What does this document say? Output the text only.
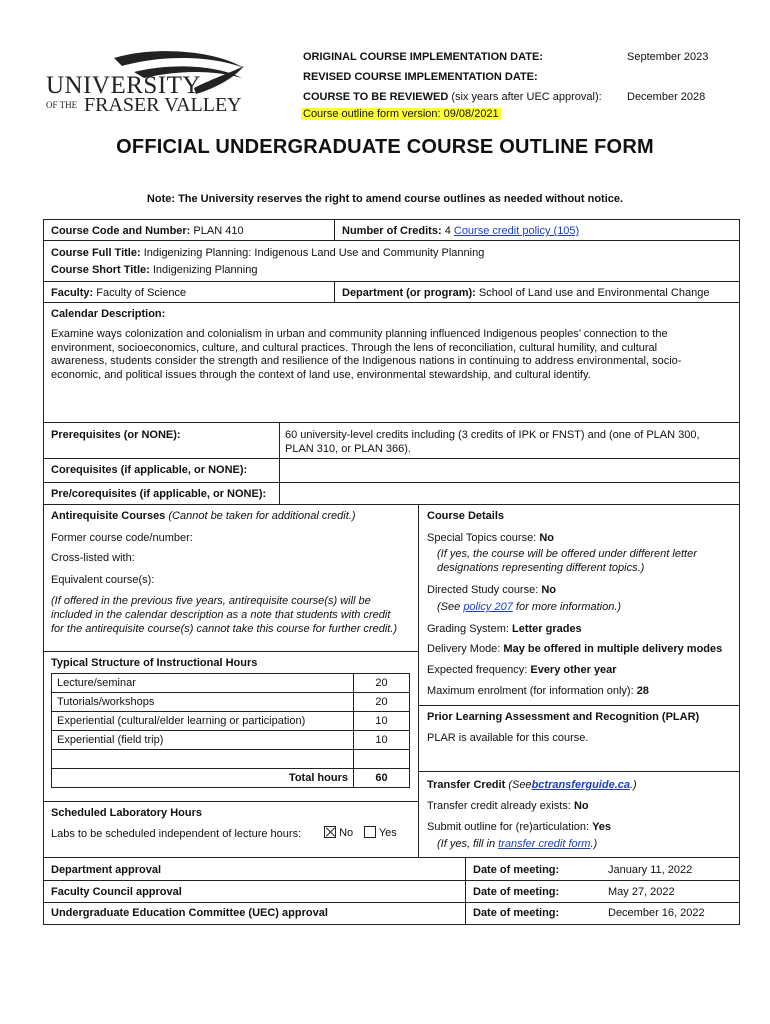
UNIVERSITY
OF THE FRASER VALLEY
ORIGINAL COURSE IMPLEMENTATION DATE:	September 2023
REVISED COURSE IMPLEMENTATION DATE:
COURSE TO BE REVIEWED (six years after UEC approval): December 2028
Course outline form version: 09/08/2021
OFFICIAL UNDERGRADUATE COURSE OUTLINE FORM
Note: The University reserves the right to amend course outlines as needed without notice.
Course Code and Number: PLAN 410	Number of Credits: 4 Course credit policy (105)
Course Full Title: Indigenizing Planning: Indigenous Land Use and Community Planning
Course Short Title: Indigenizing Planning
Faculty: Faculty of Science	Department (or program): School of Land use and Environmental Change
Calendar Description:
Examine ways colonization and colonialism in urban and community planning influenced Indigenous peoples’ connection to the
environment, socioeconomics, culture, and cultural practices. Through the lens of reconciliation, cultural humility, and cultural
awareness, students consider the strength and resilience of the Indigenous nations in continuing to address environmental, socio-
economic, and political issues through the context of land use, environmental stewardship, and cultural identify.
Prerequisites (or NONE):	60 university-level credits including (3 credits of IPK or FNST) and (one of PLAN 300,
PLAN 310, or PLAN 366).
Corequisites (if applicable, or NONE):
Pre/corequisites (if applicable, or NONE):
Antirequisite Courses (Cannot be taken for additional credit.)
Former course code/number:
Cross-listed with:
Equivalent course(s):
(If offered in the previous five years, antirequisite course(s) will be
included in the calendar description as a note that students with credit
for the antirequisite course(s) cannot take this course for further credit.)
Typical Structure of Instructional Hours
Lecture/seminar	20
Tutorials/workshops	20
Experiential (cultural/elder learning or participation)	10
Experiential (field trip)	10

Total hours	60
Scheduled Laboratory Hours
Labs to be scheduled independent of lecture hours:	No	Yes
Course Details
Special Topics course: No
(If yes, the course will be offered under different letter
designations representing different topics.)
Directed Study course: No
(See policy 207 for more information.)
Grading System: Letter grades
Delivery Mode: May be offered in multiple delivery modes
Expected frequency: Every other year
Maximum enrolment (for information only): 28
Prior Learning Assessment and Recognition (PLAR)
PLAR is available for this course.
Transfer Credit (Seebctransferguide.ca.)
Transfer credit already exists: No
Submit outline for (re)articulation: Yes
(If yes, fill in transfer credit form.)
Department approval	Date of meeting:	January 11, 2022
Faculty Council approval	Date of meeting:	May 27, 2022
Undergraduate Education Committee (UEC) approval	Date of meeting:	December 16, 2022
